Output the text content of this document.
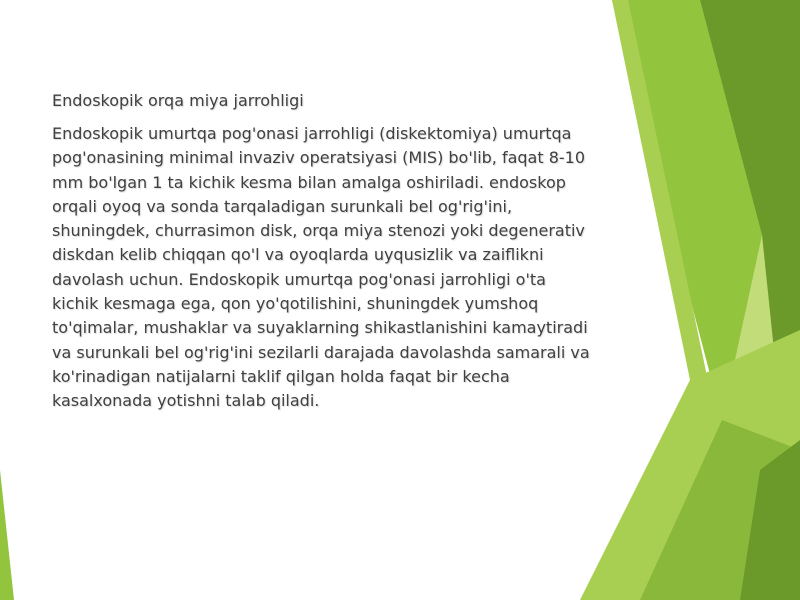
Endoskopik orqa miya jarrohligi

Endoskopik umurtqa pog'onasi jarrohligi (diskektomiya) umurtqa pog'onasining minimal invaziv operatsiyasi (MIS) bo'lib, faqat 8-10 mm bo'lgan 1 ta kichik kesma bilan amalga oshiriladi. endoskop orqali oyoq va sonda tarqaladigan surunkali bel og'rig'ini, shuningdek, churrasimon disk, orqa miya stenozi yoki degenerativ diskdan kelib chiqqan qo'l va oyoqlarda uyqusizlik va zaiflikni davolash uchun. Endoskopik umurtqa pog'onasi jarrohligi o'ta kichik kesmaga ega, qon yo'qotilishini, shuningdek yumshoq to'qimalar, mushaklar va suyaklarning shikastlanishini kamaytiradi va surunkali bel og'rig'ini sezilarli darajada davolashda samarali va ko'rinadigan natijalarni taklif qilgan holda faqat bir kecha kasalxonada yotishni talab qiladi.
